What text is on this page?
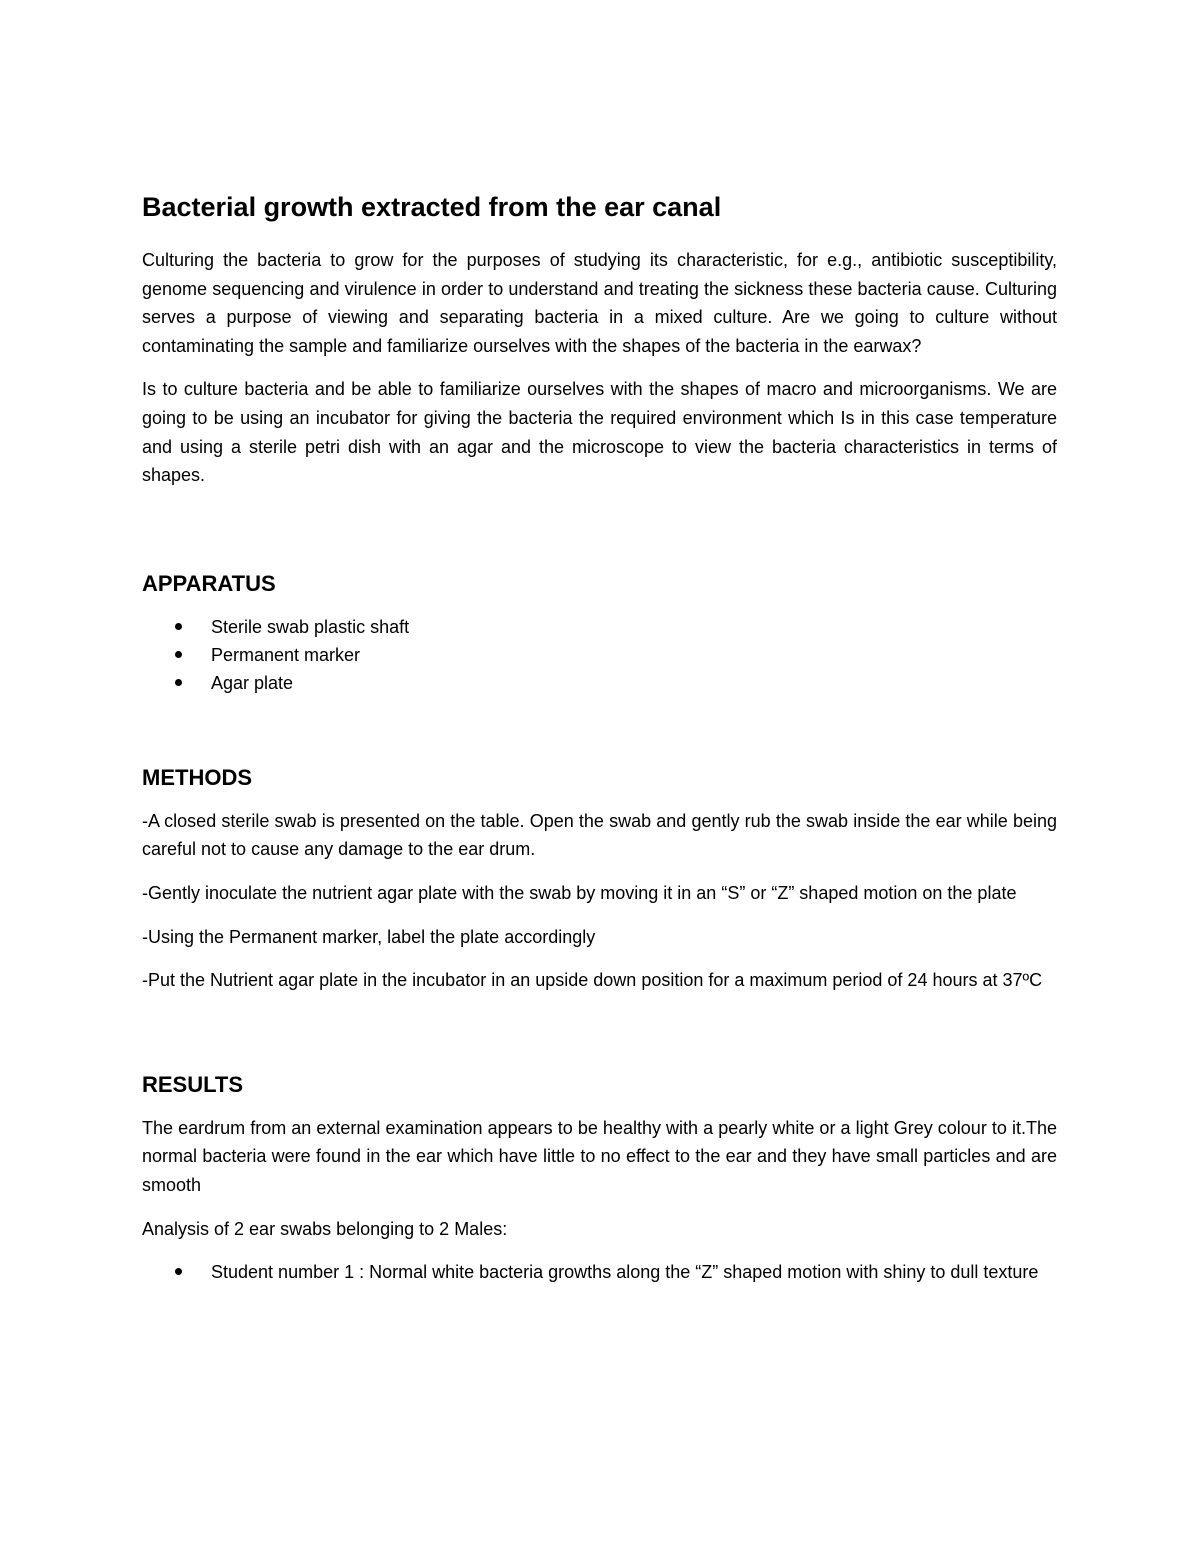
Bacterial growth extracted from the ear canal

Culturing the bacteria to grow for the purposes of studying its characteristic, for e.g., antibiotic susceptibility, genome sequencing and virulence in order to understand and treating the sickness these bacteria cause. Culturing serves a purpose of viewing and separating bacteria in a mixed culture. Are we going to culture without contaminating the sample and familiarize ourselves with the shapes of the bacteria in the earwax?

Is to culture bacteria and be able to familiarize ourselves with the shapes of macro and microorganisms. We are going to be using an incubator for giving the bacteria the required environment which Is in this case temperature and using a sterile petri dish with an agar and the microscope to view the bacteria characteristics in terms of shapes.

APPARATUS
Sterile swab plastic shaft
Permanent marker
Agar plate
METHODS

-A closed sterile swab is presented on the table. Open the swab and gently rub the swab inside the ear while being careful not to cause any damage to the ear drum.

-Gently inoculate the nutrient agar plate with the swab by moving it in an “S” or “Z” shaped motion on the plate

-Using the Permanent marker, label the plate accordingly

-Put the Nutrient agar plate in the incubator in an upside down position for a maximum period of 24 hours at 37ºC

RESULTS

The eardrum from an external examination appears to be healthy with a pearly white or a light Grey colour to it.The normal bacteria were found in the ear which have little to no effect to the ear and they have small particles and are smooth

Analysis of 2 ear swabs belonging to 2 Males:

Student number 1 : Normal white bacteria growths along the “Z” shaped motion with shiny to dull texture
